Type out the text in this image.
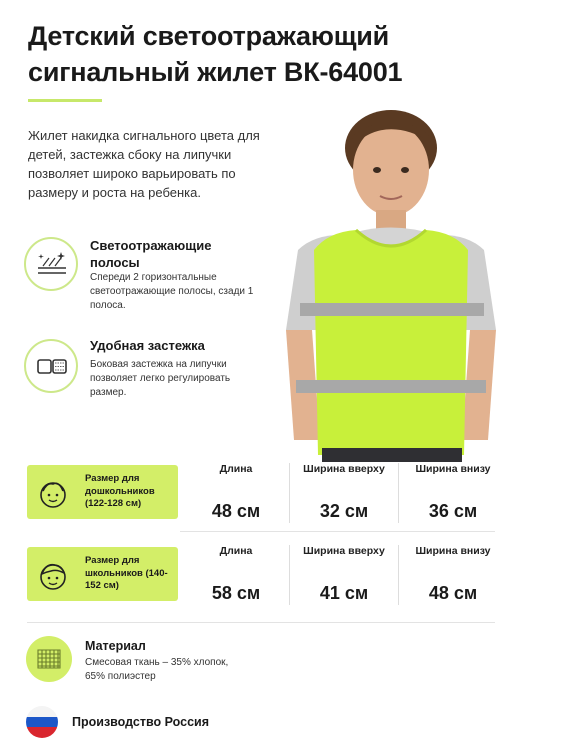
Детский светоотражающий
сигнальный жилет ВК-64001
Жилет накидка сигнального цвета для детей, застежка сбоку на липучки позволяет широко варьировать по размеру и роста на ребенка.
Светоотражающие полосы
Спереди 2 горизонтальные светоотражающие полосы, сзади 1 полоса.
Удобная застежка
Боковая застежка на липучки позволяет легко регулировать размер.
Размер для дошкольников (122-128 см)
Длина
48 см
Ширина вверху
32 см
Ширина внизу
36 см
Размер для школьников (140-152 см)
Длина
58 см
Ширина вверху
41 см
Ширина внизу
48 см
Материал
Смесовая ткань – 35% хлопок, 65% полиэстер
Производство Россия
